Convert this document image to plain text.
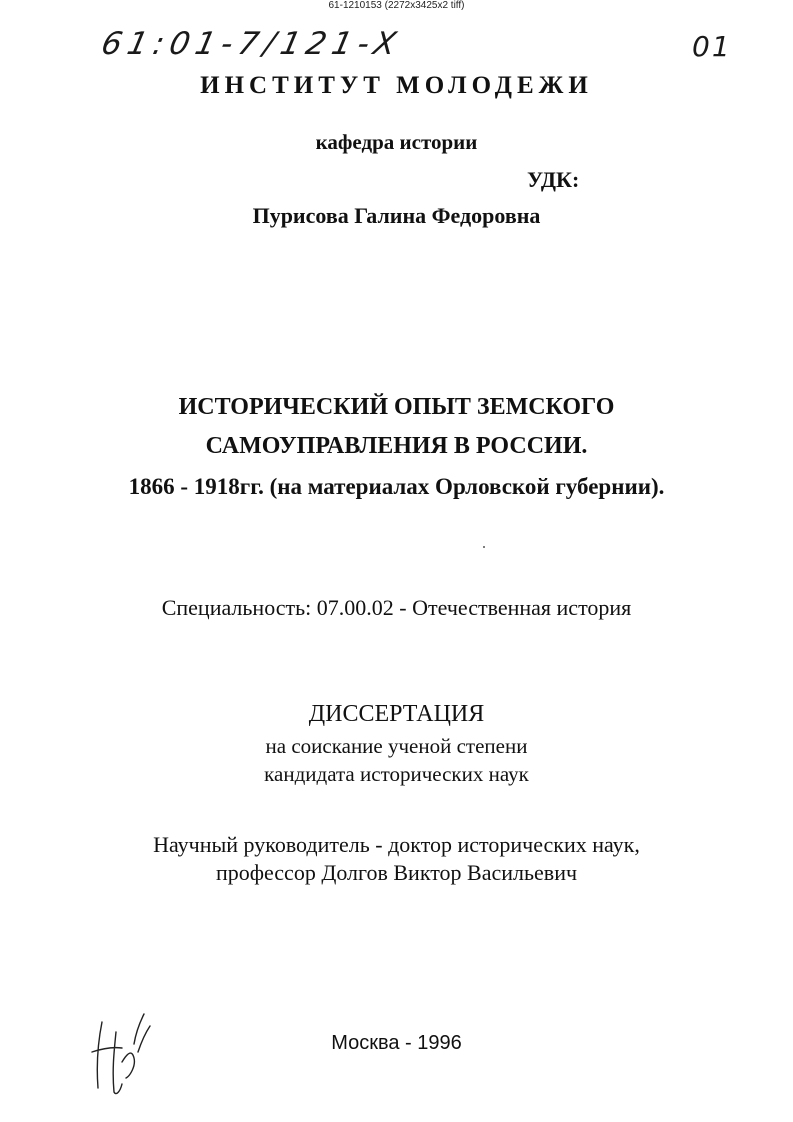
61-1210153 (2272x3425x2 tiff)
61:01-7/121-X	01
ИНСТИТУТ МОЛОДЕЖИ
кафедра истории
УДК:
Пурисова Галина Федоровна
ИСТОРИЧЕСКИЙ ОПЫТ ЗЕМСКОГО
САМОУПРАВЛЕНИЯ В РОССИИ.
1866 - 1918гг. (на материалах Орловской губернии).
Специальность: 07.00.02 - Отечественная история
ДИССЕРТАЦИЯ
на соискание ученой степени
кандидата исторических наук
Научный руководитель - доктор исторических наук,
профессор Долгов Виктор Васильевич
Москва - 1996
